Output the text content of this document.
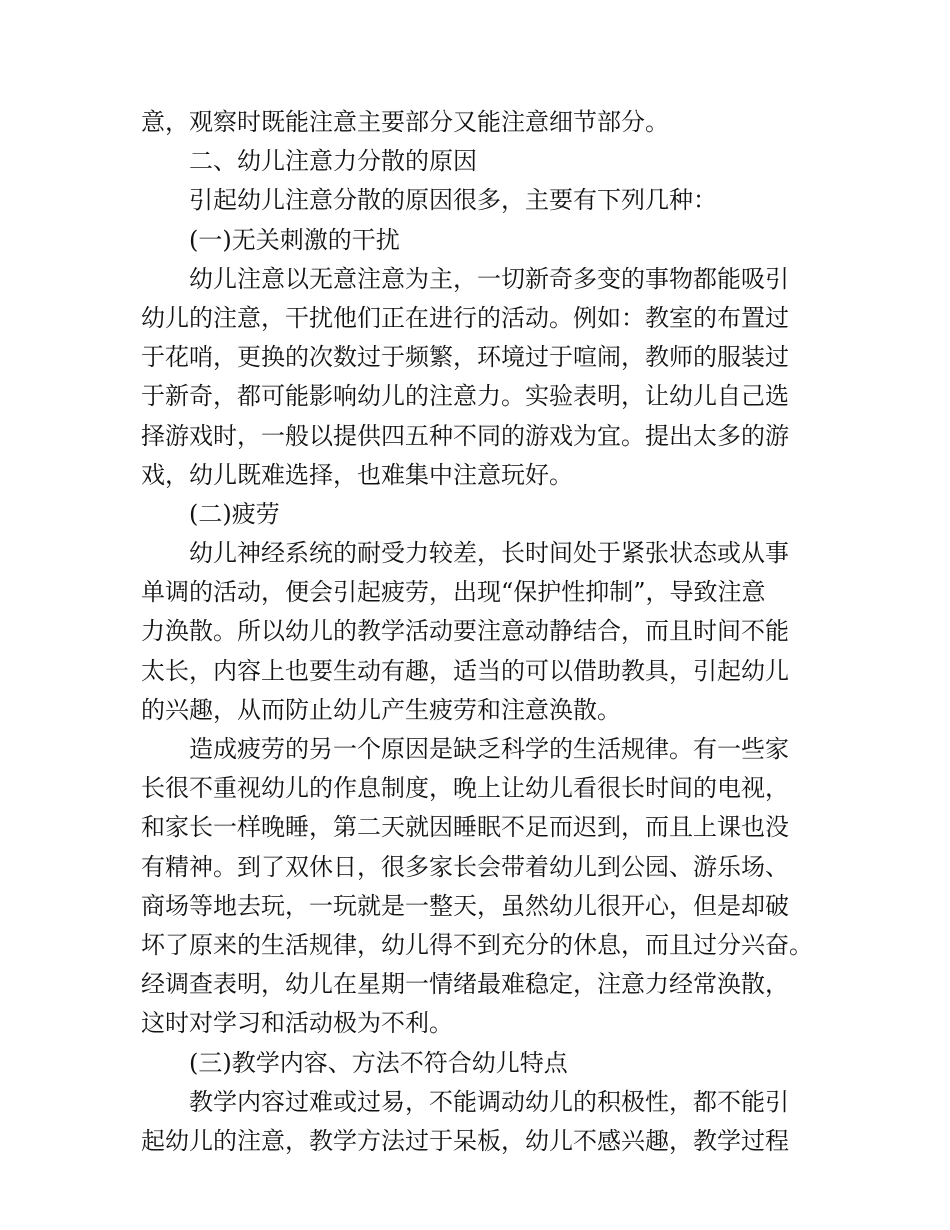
意，观察时既能注意主要部分又能注意细节部分。
二、幼儿注意力分散的原因
引起幼儿注意分散的原因很多，主要有下列几种：
(一)无关刺激的干扰
幼儿注意以无意注意为主，一切新奇多变的事物都能吸引
幼儿的注意，干扰他们正在进行的活动。例如：教室的布置过
于花哨，更换的次数过于频繁，环境过于喧闹，教师的服装过
于新奇，都可能影响幼儿的注意力。实验表明，让幼儿自己选
择游戏时，一般以提供四五种不同的游戏为宜。提出太多的游
戏，幼儿既难选择，也难集中注意玩好。
(二)疲劳
幼儿神经系统的耐受力较差，长时间处于紧张状态或从事
单调的活动，便会引起疲劳，出现“保护性抑制”，导致注意
力涣散。所以幼儿的教学活动要注意动静结合，而且时间不能
太长，内容上也要生动有趣，适当的可以借助教具，引起幼儿
的兴趣，从而防止幼儿产生疲劳和注意涣散。
造成疲劳的另一个原因是缺乏科学的生活规律。有一些家
长很不重视幼儿的作息制度，晚上让幼儿看很长时间的电视，
和家长一样晚睡，第二天就因睡眠不足而迟到，而且上课也没
有精神。到了双休日，很多家长会带着幼儿到公园、游乐场、
商场等地去玩，一玩就是一整天，虽然幼儿很开心，但是却破
坏了原来的生活规律，幼儿得不到充分的休息，而且过分兴奋。
经调查表明，幼儿在星期一情绪最难稳定，注意力经常涣散，
这时对学习和活动极为不利。
(三)教学内容、方法不符合幼儿特点
教学内容过难或过易，不能调动幼儿的积极性，都不能引
起幼儿的注意，教学方法过于呆板，幼儿不感兴趣，教学过程
